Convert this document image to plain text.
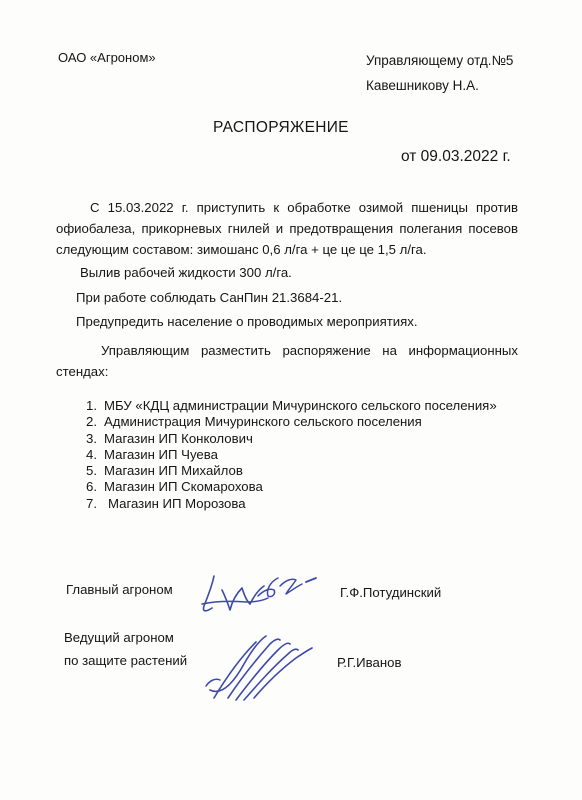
ОАО «Агроном»	Управляющему отд.№5
Кавешникову Н.А.
РАСПОРЯЖЕНИЕ
от 09.03.2022 г.
С 15.03.2022 г. приступить к обработке озимой пшеницы против офиобалеза, прикорневых гнилей и предотвращения полегания посевов следующим составом: зимошанс 0,6 л/га + це це це 1,5 л/га.
Вылив рабочей жидкости 300 л/га.
При работе соблюдать СанПин 21.3684-21.
Предупредить население о проводимых мероприятиях.
Управляющим разместить распоряжение на информационных стендах:
1. МБУ «КДЦ администрации Мичуринского сельского поселения»
2. Администрация Мичуринского сельского поселения
3. Магазин ИП Конколович
4. Магазин ИП Чуева
5. Магазин ИП Михайлов
6. Магазин ИП Скомарохова
7. Магазин ИП Морозова
Главный агроном	Г.Ф.Потудинский
Ведущий агроном
по защите растений	Р.Г.Иванов
